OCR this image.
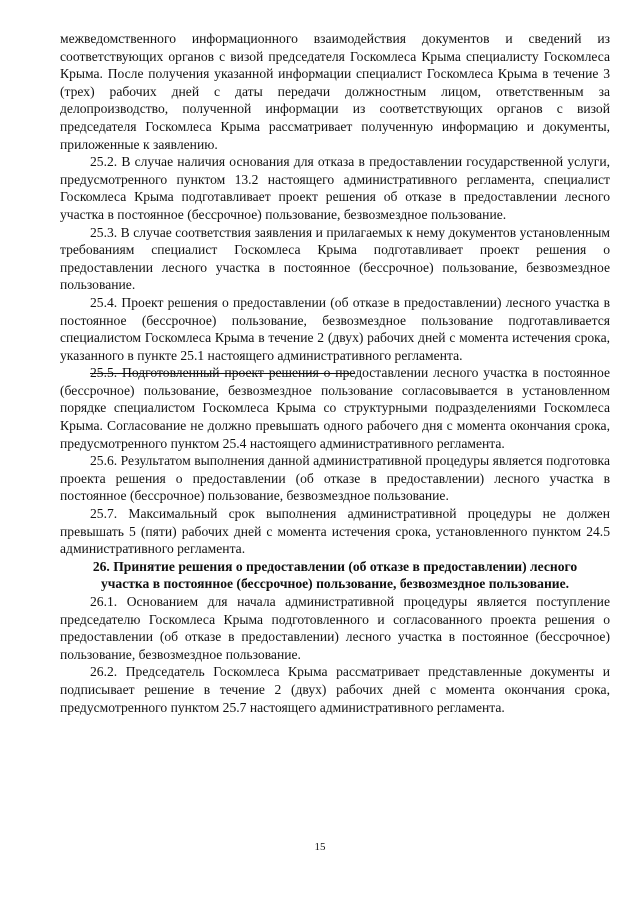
межведомственного информационного взаимодействия документов и сведений из соответствующих органов с визой председателя Госкомлеса Крыма специалисту Госкомлеса Крыма. После получения указанной информации специалист Госкомлеса Крыма в течение 3 (трех) рабочих дней с даты передачи должностным лицом, ответственным за делопроизводство, полученной информации из соответствующих органов с визой председателя Госкомлеса Крыма рассматривает полученную информацию и документы, приложенные к заявлению.

25.2. В случае наличия основания для отказа в предоставлении государственной услуги, предусмотренного пунктом 13.2 настоящего административного регламента, специалист Госкомлеса Крыма подготавливает проект решения об отказе в предоставлении лесного участка в постоянное (бессрочное) пользование, безвозмездное пользование.

25.3. В случае соответствия заявления и прилагаемых к нему документов установленным требованиям специалист Госкомлеса Крыма подготавливает проект решения о предоставлении лесного участка в постоянное (бессрочное) пользование, безвозмездное пользование.

25.4. Проект решения о предоставлении (об отказе в предоставлении) лесного участка в постоянное (бессрочное) пользование, безвозмездное пользование подготавливается специалистом Госкомлеса Крыма в течение 2 (двух) рабочих дней с момента истечения срока, указанного в пункте 25.1 настоящего административного регламента.

25.5. Подготовленный проект решения о предоставлении лесного участка в постоянное (бессрочное) пользование, безвозмездное пользование согласовывается в установленном порядке специалистом Госкомлеса Крыма со структурными подразделениями Госкомлеса Крыма. Согласование не должно превышать одного рабочего дня с момента окончания срока, предусмотренного пунктом 25.4 настоящего административного регламента.

25.6. Результатом выполнения данной административной процедуры является подготовка проекта решения о предоставлении (об отказе в предоставлении) лесного участка в постоянное (бессрочное) пользование, безвозмездное пользование.

25.7. Максимальный срок выполнения административной процедуры не должен превышать 5 (пяти) рабочих дней с момента истечения срока, установленного пунктом 24.5 административного регламента.

26. Принятие решения о предоставлении (об отказе в предоставлении) лесного
участка в постоянное (бессрочное) пользование, безвозмездное пользование.

26.1. Основанием для начала административной процедуры является поступление председателю Госкомлеса Крыма подготовленного и согласованного проекта решения о предоставлении (об отказе в предоставлении) лесного участка в постоянное (бессрочное) пользование, безвозмездное пользование.

26.2. Председатель Госкомлеса Крыма рассматривает представленные документы и подписывает решение в течение 2 (двух) рабочих дней с момента окончания срока, предусмотренного пунктом 25.7 настоящего административного регламента.

15
